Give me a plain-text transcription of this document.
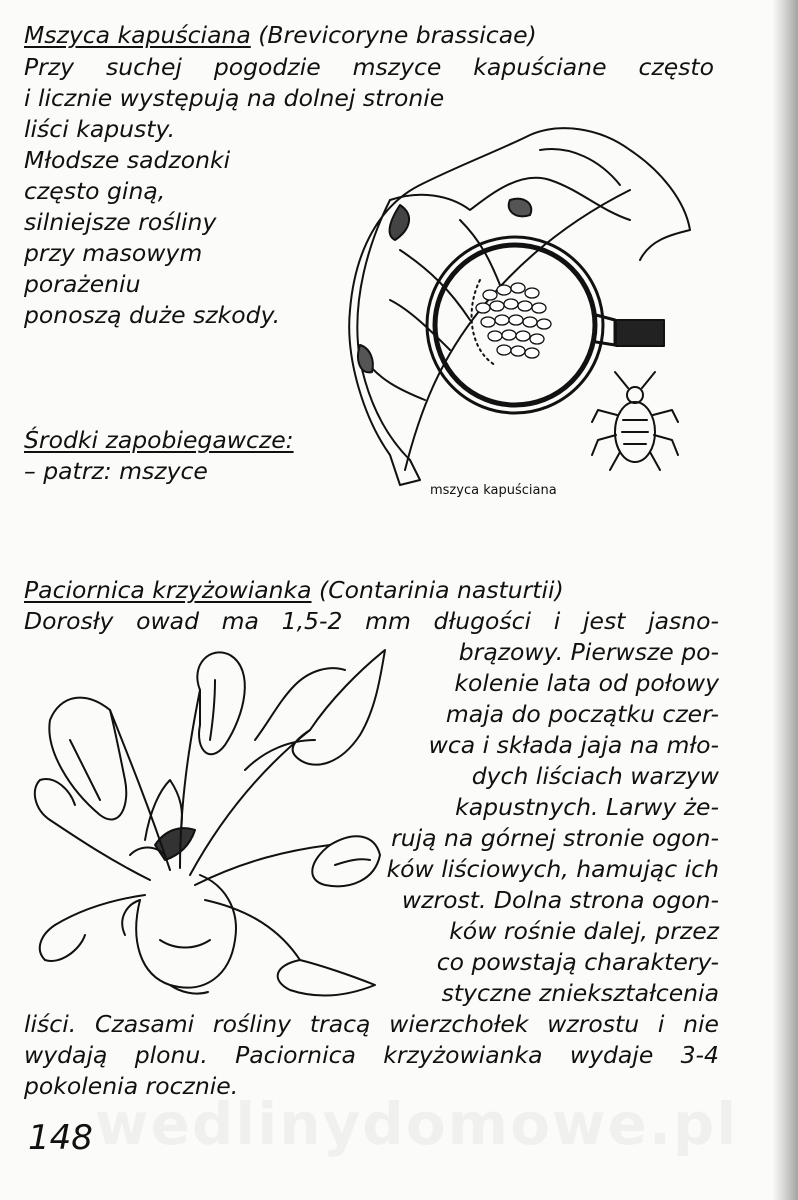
Mszyca kapuściana (Brevicoryne brassicae)

Przy suchej pogodzie mszyce kapuściane często

i licznie występują na dolnej stronie

liści kapusty.

Młodsze sadzonki

często giną,

silniejsze rośliny

przy masowym

porażeniu

ponoszą duże szkody.

Środki zapobiegawcze:

– patrz: mszyce

mszyca kapuściana

Paciornica krzyżowianka (Contarinia nasturtii)

Dorosły owad ma 1,5-2 mm długości i jest jasno-

brązowy. Pierwsze po-

kolenie lata od połowy

maja do początku czer-

wca i składa jaja na mło-

dych liściach warzyw

kapustnych. Larwy że-

rują na górnej stronie ogon-

ków liściowych, hamując ich

wzrost. Dolna strona ogon-

ków rośnie dalej, przez

co powstają charaktery-

styczne zniekształcenia

liści. Czasami rośliny tracą wierzchołek wzrostu i nie

wydają plonu. Paciornica krzyżowianka wydaje 3-4

pokolenia rocznie.

148
